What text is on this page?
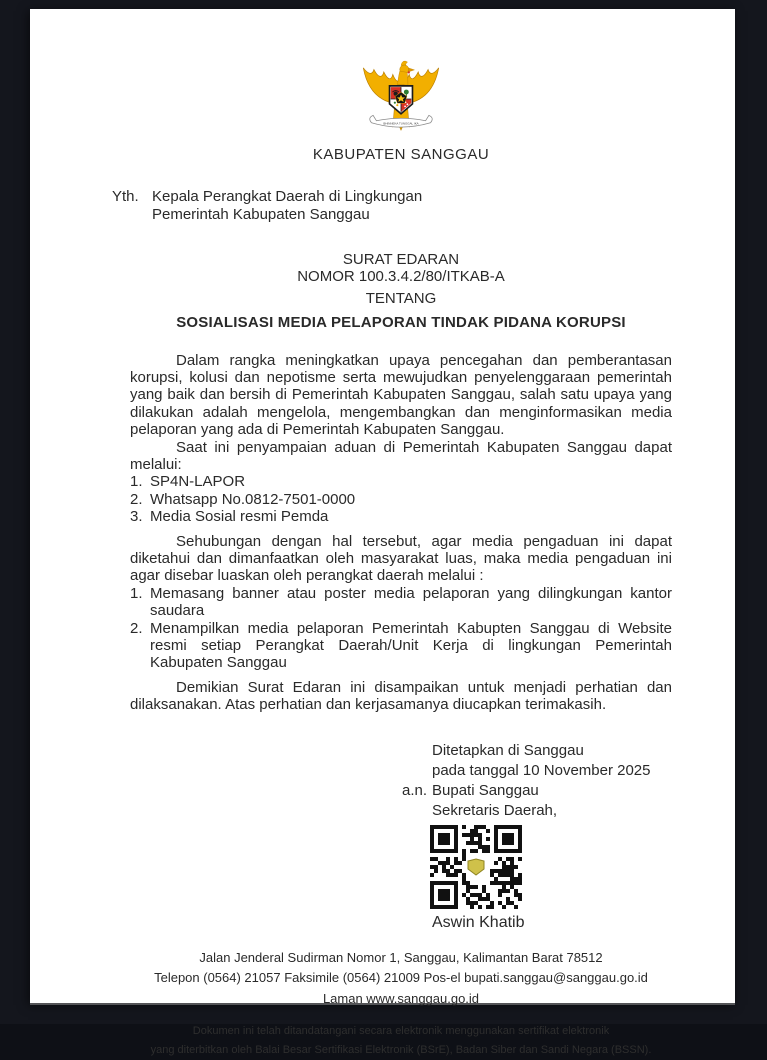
BHINNEKA TUNGGAL IKA
KABUPATEN SANGGAU
Yth. Kepala Perangkat Daerah di Lingkungan
Pemerintah Kabupaten Sanggau
SURAT EDARAN
NOMOR 100.3.4.2/80/ITKAB-A
TENTANG
SOSIALISASI MEDIA PELAPORAN TINDAK PIDANA KORUPSI

Dalam rangka meningkatkan upaya pencegahan dan pemberantasan korupsi, kolusi dan nepotisme serta mewujudkan penyelenggaraan pemerintah yang baik dan bersih di Pemerintah Kabupaten Sanggau, salah satu upaya yang dilakukan adalah mengelola, mengembangkan dan menginformasikan media pelaporan yang ada di Pemerintah Kabupaten Sanggau.

Saat ini penyampaian aduan di Pemerintah Kabupaten Sanggau dapat melalui:

1. SP4N-LAPOR
2. Whatsapp No.0812-7501-0000
3. Media Sosial resmi Pemda

Sehubungan dengan hal tersebut, agar media pengaduan ini dapat diketahui dan dimanfaatkan oleh masyarakat luas, maka media pengaduan ini agar disebar luaskan oleh perangkat daerah melalui :

1. Memasang banner atau poster media pelaporan yang dilingkungan kantor saudara
2. Menampilkan media pelaporan Pemerintah Kabupten Sanggau di Website resmi setiap Perangkat Daerah/Unit Kerja di lingkungan Pemerintah Kabupaten Sanggau

Demikian Surat Edaran ini disampaikan untuk menjadi perhatian dan dilaksanakan. Atas perhatian dan kerjasamanya diucapkan terimakasih.

Ditetapkan di Sanggau
pada tanggal 10 November 2025
a.n. Bupati Sanggau
Sekretaris Daerah,
Aswin Khatib
Jalan Jenderal Sudirman Nomor 1, Sanggau, Kalimantan Barat 78512
Telepon (0564) 21057 Faksimile (0564) 21009 Pos-el bupati.sanggau@sanggau.go.id
Laman www.sanggau.go.id
Dokumen ini telah ditandatangani secara elektronik menggunakan sertifikat elektronik
yang diterbitkan oleh Balai Besar Sertifikasi Elektronik (BSrE), Badan Siber dan Sandi Negara (BSSN).
